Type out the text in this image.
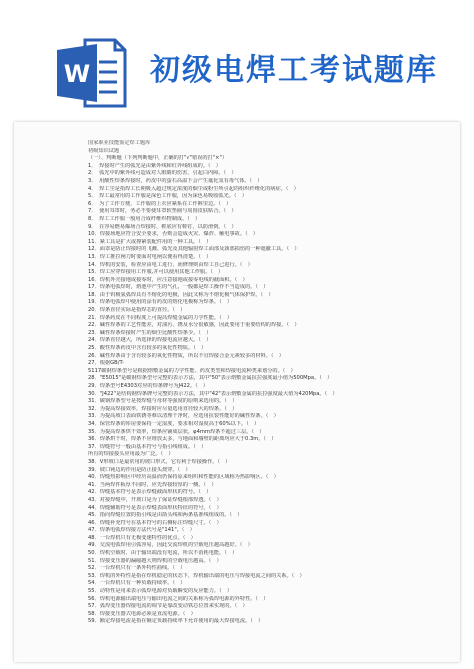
W 初级电焊工考试题库
国家职业技能鉴定焊工题库
初级知识试题
（一）、判断题（下列判断题中，正确的打"√"错误的打"×"）
1．　焊接时产生的弧光是由紫外线和红外线组成的。（　）
2．　弧光中的紫外线可造成对人眼睛的伤害，引起白内障。（　）
3．　用酸性焊条焊接时，药皮中的萤石高温下会产生氟化氢有毒气体。（　）
4．　焊工尘是指焊工长期吸入超过规定浓度的烟尘或粉尘所引起的组织纤维化的病症。（　）
5．　焊工最常用的工作服是深色工作服，因为深色易吸收弧光。（　）
6．　为了工作方便，工作服的上衣应紧系在工作裤里边。（　）
7．　使用耳罩时，务必不要使耳罩软垫圈与周围皮肤贴合。（　）
8．　焊工工作服一般用合成纤维织物制成。（　）
9．　在容易燃易爆场合焊接时，鞋底应有鞋钉，以防滑倒。（　）
10．焊接场地应符合安全要求，否则会造成火灾、爆炸、触电事故。（　）
11．紧工具是扩大或撑紧装配件用的一种工具。（　）
12．面罩是防止焊接时的飞溅、弧光及其他辐射焊工面部及颈部损伤的一种遮蔽工具。（　）
13．焊工推拉闸刀时要面对电闸以便看得清楚。（　）
14．焊机的安装，检查应由电工进行，而修理则由焊工自己进行。（　）
15．焊工应穿焊接用工作服,并可以使用其他工作服。（　）
16．焊机外壳接地或接零时，应注意接地或接零电线的截面积。（　）
17．焊条电弧焊时，熔池中产生的气孔，一般都是焊工操作不当造成的。（　）
18．由于钨极氩弧焊具有不熔化的电极，因此又称为不熔化极气体保护焊。（　）
19．焊条电弧焊中使用的涂有药皮的熔化电极称为焊条。（　）
20．焊条直径实际是指焊芯的直径。（　）
21．焊条药皮在不同程度上可提高焊缝金属的力学性能。（　）
22．碱性焊条的工艺性能差，对油污、锈及水分很敏感，因此要用于重要结构的焊接。（　）
23．碱性焊条焊接时产生的烟尘比酸性焊条少。（　）
24．焊条直径越大，所选择的焊接电流应越大。（　）
25．酸性焊条药皮中含有较多的氧化性物质。（　）
26．碱性焊条由于含有较多的氧化性物质，所以不宜焊接合金元素较多的材料。（　）
27．根据GB/T-
5117碳钢焊条型号是根据熔敷金属的力学性能、药皮类型和焊接电流种类来划分的。（　）
28．"E5015"是碳钢焊条型号完整的表示方法，其中"50"表示熔敷金属抗拉强度最小值为500Mpa。（　）
29．焊条型号E4303对应的焊条牌号为J422。（　）
30．"J422"是结构钢焊条牌号完整的表示方法，其中"42"表示熔敷金属的抗拉强度最大值为420Mpa。（　）
31．碳钢焊条型号是按焊缝与母材等强度的原则来选用的。（　）
32．为提高焊接效率，焊接时应尽量选用直径较大的焊条。（　）
33．为提高坡口表面铁锈等难以清理干净时，应选用抗裂性能好的碱性焊条。（　）
34．保管焊条的库房要保持一定湿度，要求相对湿度高于60%以下。（　）
35．为提高焊条烘干效率，焊条应铺成层状，φ4mm焊条不超过三层。（　）
36．焊条烘干时，焊条不应堆放太多，与地面和墙壁的距离均应大于0.3m。（　）
37．焊缝符号一般由基本符号与指引线组成。（　）
所有的焊接接头应用最为广泛。（　）
38．V形坡口是最常用的坡口形式，它有利于焊接操作。（　）
39．坡口钝边的作用是防止接头烧穿。（　）
40．焊缝热影响区中经历高温而仍保持原来组织和性能的区域称为热影响区。（　）
41．当两焊件板厚不同时，应先焊接较厚的一侧。（　）
42．焊缝基本符号是表示焊缝截面形状的符号。（　）
43．对接焊缝中，开坡口是为了保证焊缝根部焊透。（　）
44．焊缝辅助符号是表示焊缝表面形状特征的符号。（　）
45．指向焊缝位置的指引线是由箭头线和两条基准线组成的。（　）
46．焊缝补充符号在基本符号的右侧标注焊缝尺寸。（　）
47．焊条电弧焊焊接方法代号是"141"。（　）
48．一台焊机只有无极变速特性的优点。（　）
49．交流电弧焊用引弧容易，因此交流焊机的空载电压越高越好。（　）
50．焊机空载时，由于输出端没有电流，所以不消耗电能。（　）
51．焊接变压器的漏磁越大则焊机的空载电压越高。（　）
52．一台焊机只有一条外特性曲线。（　）
53．焊机的外特性是指在焊机稳定的状态下，焊机输出端的电压与焊接电流之间的关系。（　）
54．一台焊机只有一种负载持续率。（　）
55．动特性是用来表示弧焊电源对负载瞬变的反应能力。（　）
56．焊机电源输出端电压与输出电流之间的关系称为弧焊电源的外特性。（　）
57．弧焊变压器焊接电流的调节是靠改变动铁芯位置来实现的。（　）
58．焊接变压器式电源必须是直流电源。（　）
59．额定焊接电流是指在额定负载持续率下允许使用的最大焊接电流。（　）
